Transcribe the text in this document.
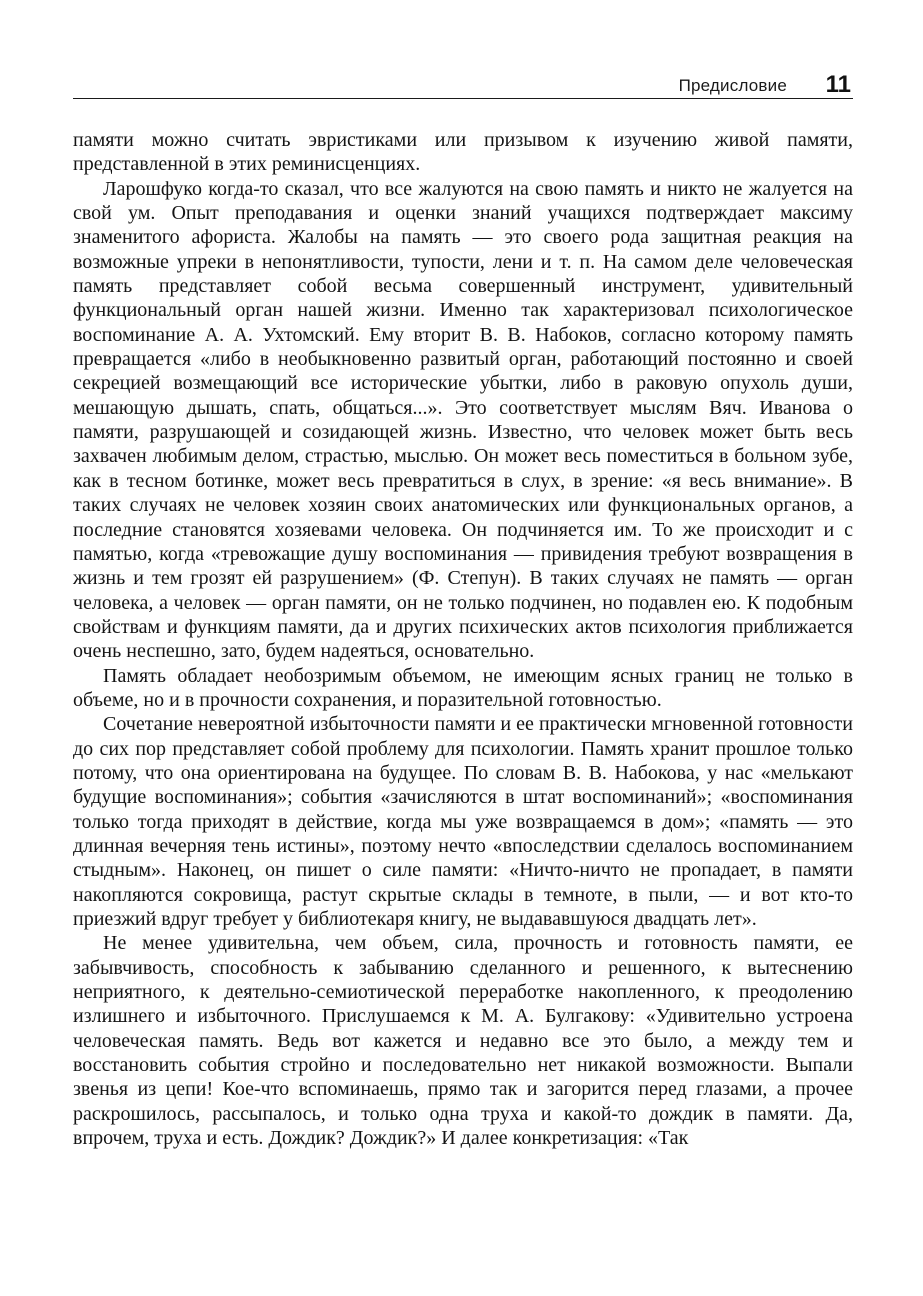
Предисловие 11

памяти можно считать эвристиками или призывом к изучению живой памяти, представленной в этих реминисценциях.

Ларошфуко когда-то сказал, что все жалуются на свою память и никто не жалуется на свой ум. Опыт преподавания и оценки знаний учащихся подтверждает максиму знаменитого афориста. Жалобы на память — это своего рода защитная реакция на возможные упреки в непонятливости, тупости, лени и т. п. На самом деле человеческая память представляет собой весьма совершенный инструмент, удивительный функциональный орган нашей жизни. Именно так характеризовал психологическое воспоминание А. А. Ухтомский. Ему вторит В. В. Набоков, согласно которому память превращается «либо в необыкновенно развитый орган, работающий постоянно и своей секрецией возмещающий все исторические убытки, либо в раковую опухоль души, мешающую дышать, спать, общаться...». Это соответствует мыслям Вяч. Иванова о памяти, разрушающей и созидающей жизнь. Известно, что человек может быть весь захвачен любимым делом, страстью, мыслью. Он может весь поместиться в больном зубе, как в тесном ботинке, может весь превратиться в слух, в зрение: «я весь внимание». В таких случаях не человек хозяин своих анатомических или функциональных органов, а последние становятся хозяевами человека. Он подчиняется им. То же происходит и с памятью, когда «тревожащие душу воспоминания — привидения требуют возвращения в жизнь и тем грозят ей разрушением» (Ф. Степун). В таких случаях не память — орган человека, а человек — орган памяти, он не только подчинен, но подавлен ею. К подобным свойствам и функциям памяти, да и других психических актов психология приближается очень неспешно, зато, будем надеяться, основательно.

Память обладает необозримым объемом, не имеющим ясных границ не только в объеме, но и в прочности сохранения, и поразительной готовностью.

Сочетание невероятной избыточности памяти и ее практически мгновенной готовности до сих пор представляет собой проблему для психологии. Память хранит прошлое только потому, что она ориентирована на будущее. По словам В. В. Набокова, у нас «мелькают будущие воспоминания»; события «зачисляются в штат воспоминаний»; «воспоминания только тогда приходят в действие, когда мы уже возвращаемся в дом»; «память — это длинная вечерняя тень истины», поэтому нечто «впоследствии сделалось воспоминанием стыдным». Наконец, он пишет о силе памяти: «Ничто-ничто не пропадает, в памяти накопляются сокровища, растут скрытые склады в темноте, в пыли, — и вот кто-то приезжий вдруг требует у библиотекаря книгу, не выдававшуюся двадцать лет».

Не менее удивительна, чем объем, сила, прочность и готовность памяти, ее забывчивость, способность к забыванию сделанного и решенного, к вытеснению неприятного, к деятельно-семиотической переработке накопленного, к преодолению излишнего и избыточного. Прислушаемся к М. А. Булгакову: «Удивительно устроена человеческая память. Ведь вот кажется и недавно все это было, а между тем и восстановить события стройно и последовательно нет никакой возможности. Выпали звенья из цепи! Кое-что вспоминаешь, прямо так и загорится перед глазами, а прочее раскрошилось, рассыпалось, и только одна труха и какой-то дождик в памяти. Да, впрочем, труха и есть. Дождик? Дождик?» И далее конкретизация: «Так
